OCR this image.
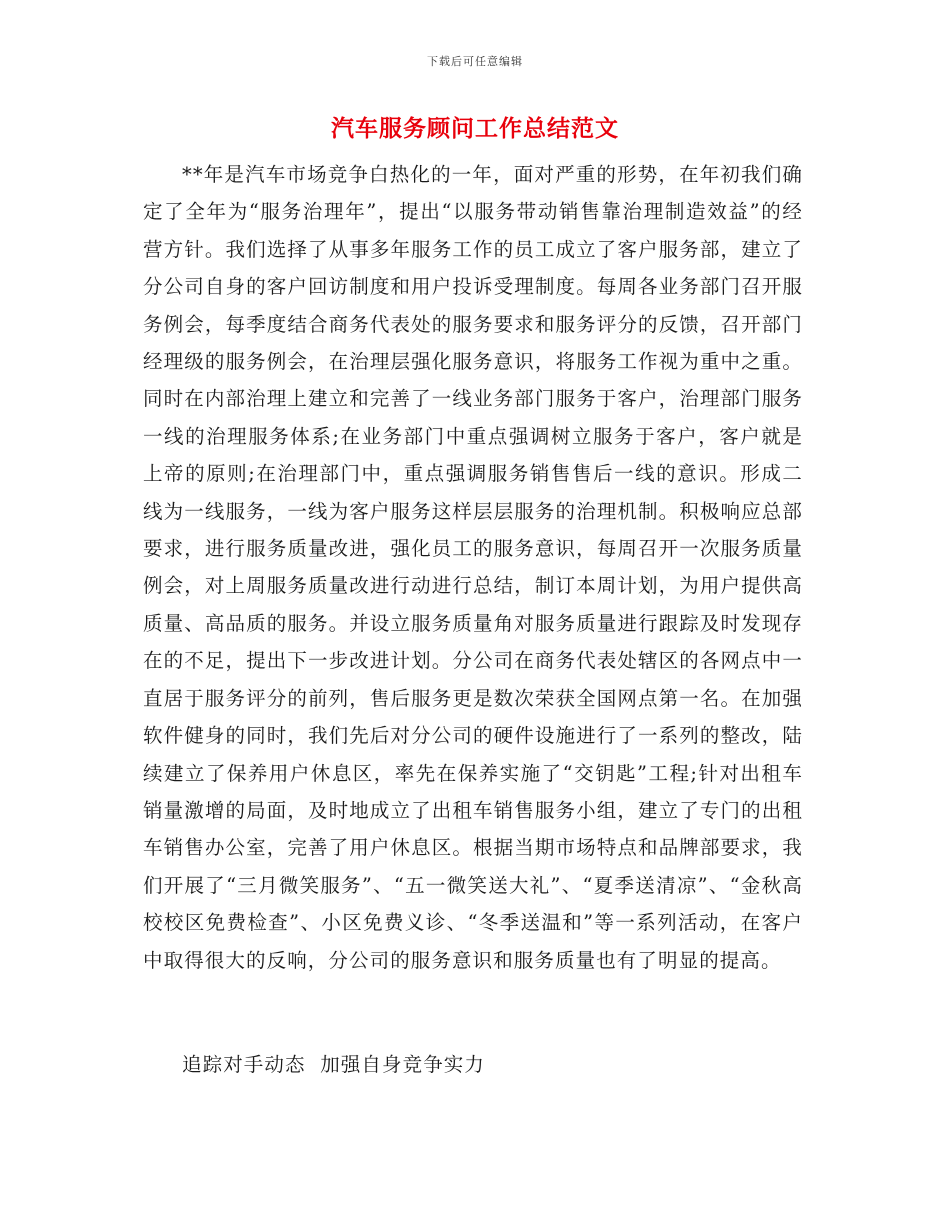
下载后可任意编辑
汽车服务顾问工作总结范文

**年是汽车市场竞争白热化的一年，面对严重的形势，在年初我们确定了全年为“服务治理年”，提出“以服务带动销售靠治理制造效益”的经营方针。我们选择了从事多年服务工作的员工成立了客户服务部，建立了分公司自身的客户回访制度和用户投诉受理制度。每周各业务部门召开服务例会，每季度结合商务代表处的服务要求和服务评分的反馈，召开部门经理级的服务例会，在治理层强化服务意识，将服务工作视为重中之重。同时在内部治理上建立和完善了一线业务部门服务于客户，治理部门服务一线的治理服务体系;在业务部门中重点强调树立服务于客户，客户就是上帝的原则;在治理部门中，重点强调服务销售售后一线的意识。形成二线为一线服务，一线为客户服务这样层层服务的治理机制。积极响应总部要求，进行服务质量改进，强化员工的服务意识，每周召开一次服务质量例会，对上周服务质量改进行动进行总结，制订本周计划，为用户提供高质量、高品质的服务。并设立服务质量角对服务质量进行跟踪及时发现存在的不足，提出下一步改进计划。分公司在商务代表处辖区的各网点中一直居于服务评分的前列，售后服务更是数次荣获全国网点第一名。在加强软件健身的同时，我们先后对分公司的硬件设施进行了一系列的整改，陆续建立了保养用户休息区，率先在保养实施了“交钥匙”工程;针对出租车销量激增的局面，及时地成立了出租车销售服务小组，建立了专门的出租车销售办公室，完善了用户休息区。根据当期市场特点和品牌部要求，我们开展了“三月微笑服务”、“五一微笑送大礼”、“夏季送清凉”、“金秋高校校区免费检查”、小区免费义诊、“冬季送温和”等一系列活动，在客户中取得很大的反响，分公司的服务意识和服务质量也有了明显的提高。

追踪对手动态  加强自身竞争实力
